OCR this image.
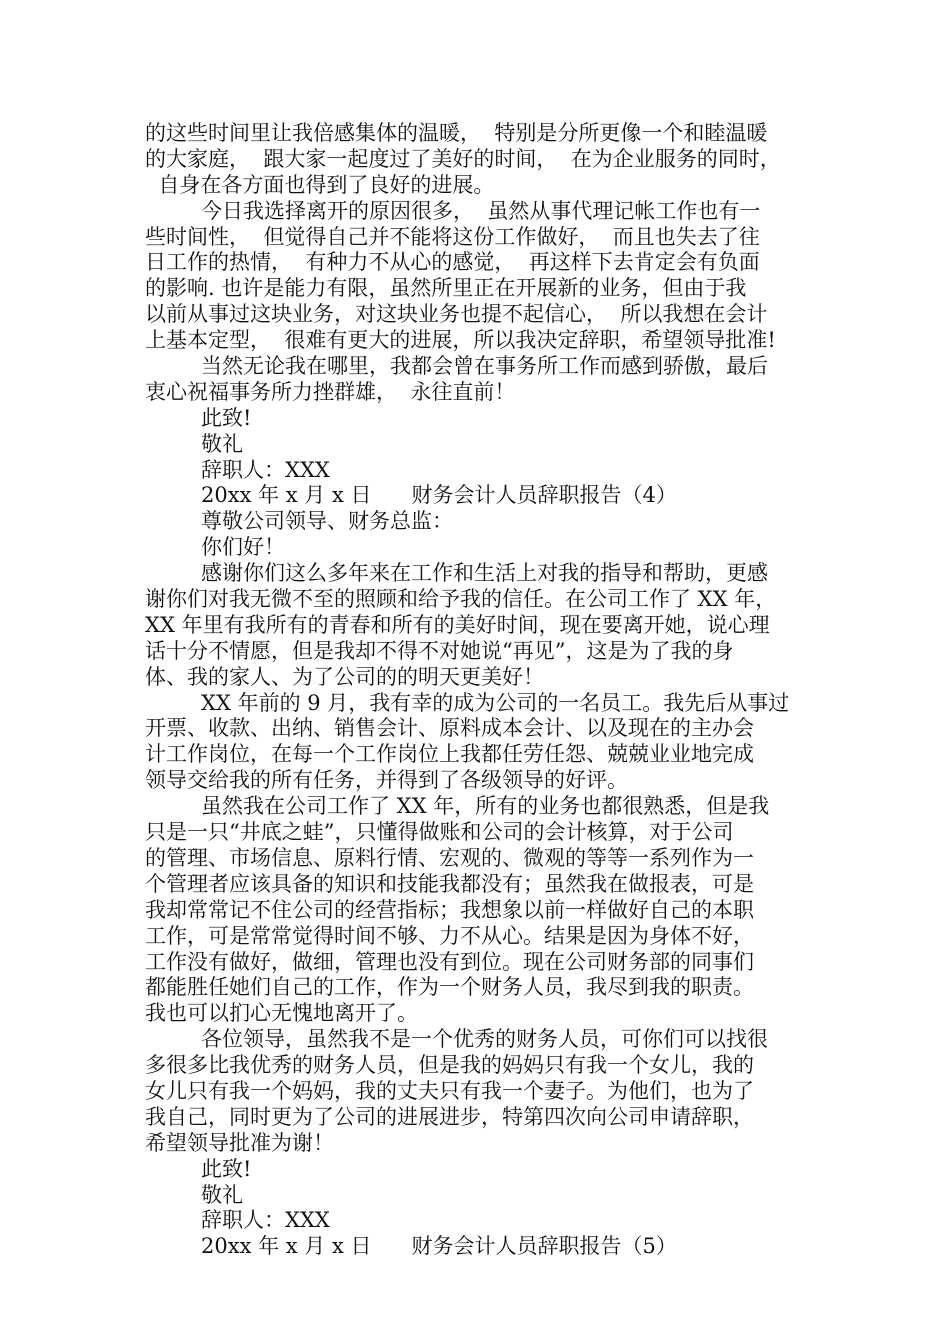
的这些时间里让我倍感集体的温暖，  特别是分所更像一个和睦温暖
的大家庭，  跟大家一起度过了美好的时间，  在为企业服务的同时，
自身在各方面也得到了良好的进展。
今日我选择离开的原因很多，  虽然从事代理记帐工作也有一
些时间性，  但觉得自己并不能将这份工作做好，  而且也失去了往
日工作的热情，  有种力不从心的感觉，  再这样下去肯定会有负面
的影响. 也许是能力有限，虽然所里正在开展新的业务，但由于我
以前从事过这块业务，对这块业务也提不起信心，  所以我想在会计
上基本定型，  很难有更大的进展，所以我决定辞职，希望领导批准!
当然无论我在哪里，我都会曾在事务所工作而感到骄傲，最后
衷心祝福事务所力挫群雄，  永往直前！
此致!
敬礼
辞职人：XXX
20xx 年 x 月 x 日      财务会计人员辞职报告（4）
尊敬公司领导、财务总监：
你们好！
感谢你们这么多年来在工作和生活上对我的指导和帮助，更感
谢你们对我无微不至的照顾和给予我的信任。在公司工作了 XX 年，
XX 年里有我所有的青春和所有的美好时间，现在要离开她，说心理
话十分不情愿，但是我却不得不对她说“再见”，这是为了我的身
体、我的家人、为了公司的的明天更美好！
XX 年前的 9 月，我有幸的成为公司的一名员工。我先后从事过
开票、收款、出纳、销售会计、原料成本会计、以及现在的主办会
计工作岗位，在每一个工作岗位上我都任劳任怨、兢兢业业地完成
领导交给我的所有任务，并得到了各级领导的好评。
虽然我在公司工作了 XX 年，所有的业务也都很熟悉，但是我
只是一只“井底之蛙”，只懂得做账和公司的会计核算，对于公司
的管理、市场信息、原料行情、宏观的、微观的等等一系列作为一
个管理者应该具备的知识和技能我都没有；虽然我在做报表，可是
我却常常记不住公司的经营指标；我想象以前一样做好自己的本职
工作，可是常常觉得时间不够、力不从心。结果是因为身体不好，
工作没有做好，做细，管理也没有到位。现在公司财务部的同事们
都能胜任她们自己的工作，作为一个财务人员，我尽到我的职责。
我也可以扪心无愧地离开了。
各位领导，虽然我不是一个优秀的财务人员，可你们可以找很
多很多比我优秀的财务人员，但是我的妈妈只有我一个女儿，我的
女儿只有我一个妈妈，我的丈夫只有我一个妻子。为他们，也为了
我自己，同时更为了公司的进展进步，特第四次向公司申请辞职，
希望领导批准为谢！
此致!
敬礼
辞职人：XXX
20xx 年 x 月 x 日      财务会计人员辞职报告（5）
